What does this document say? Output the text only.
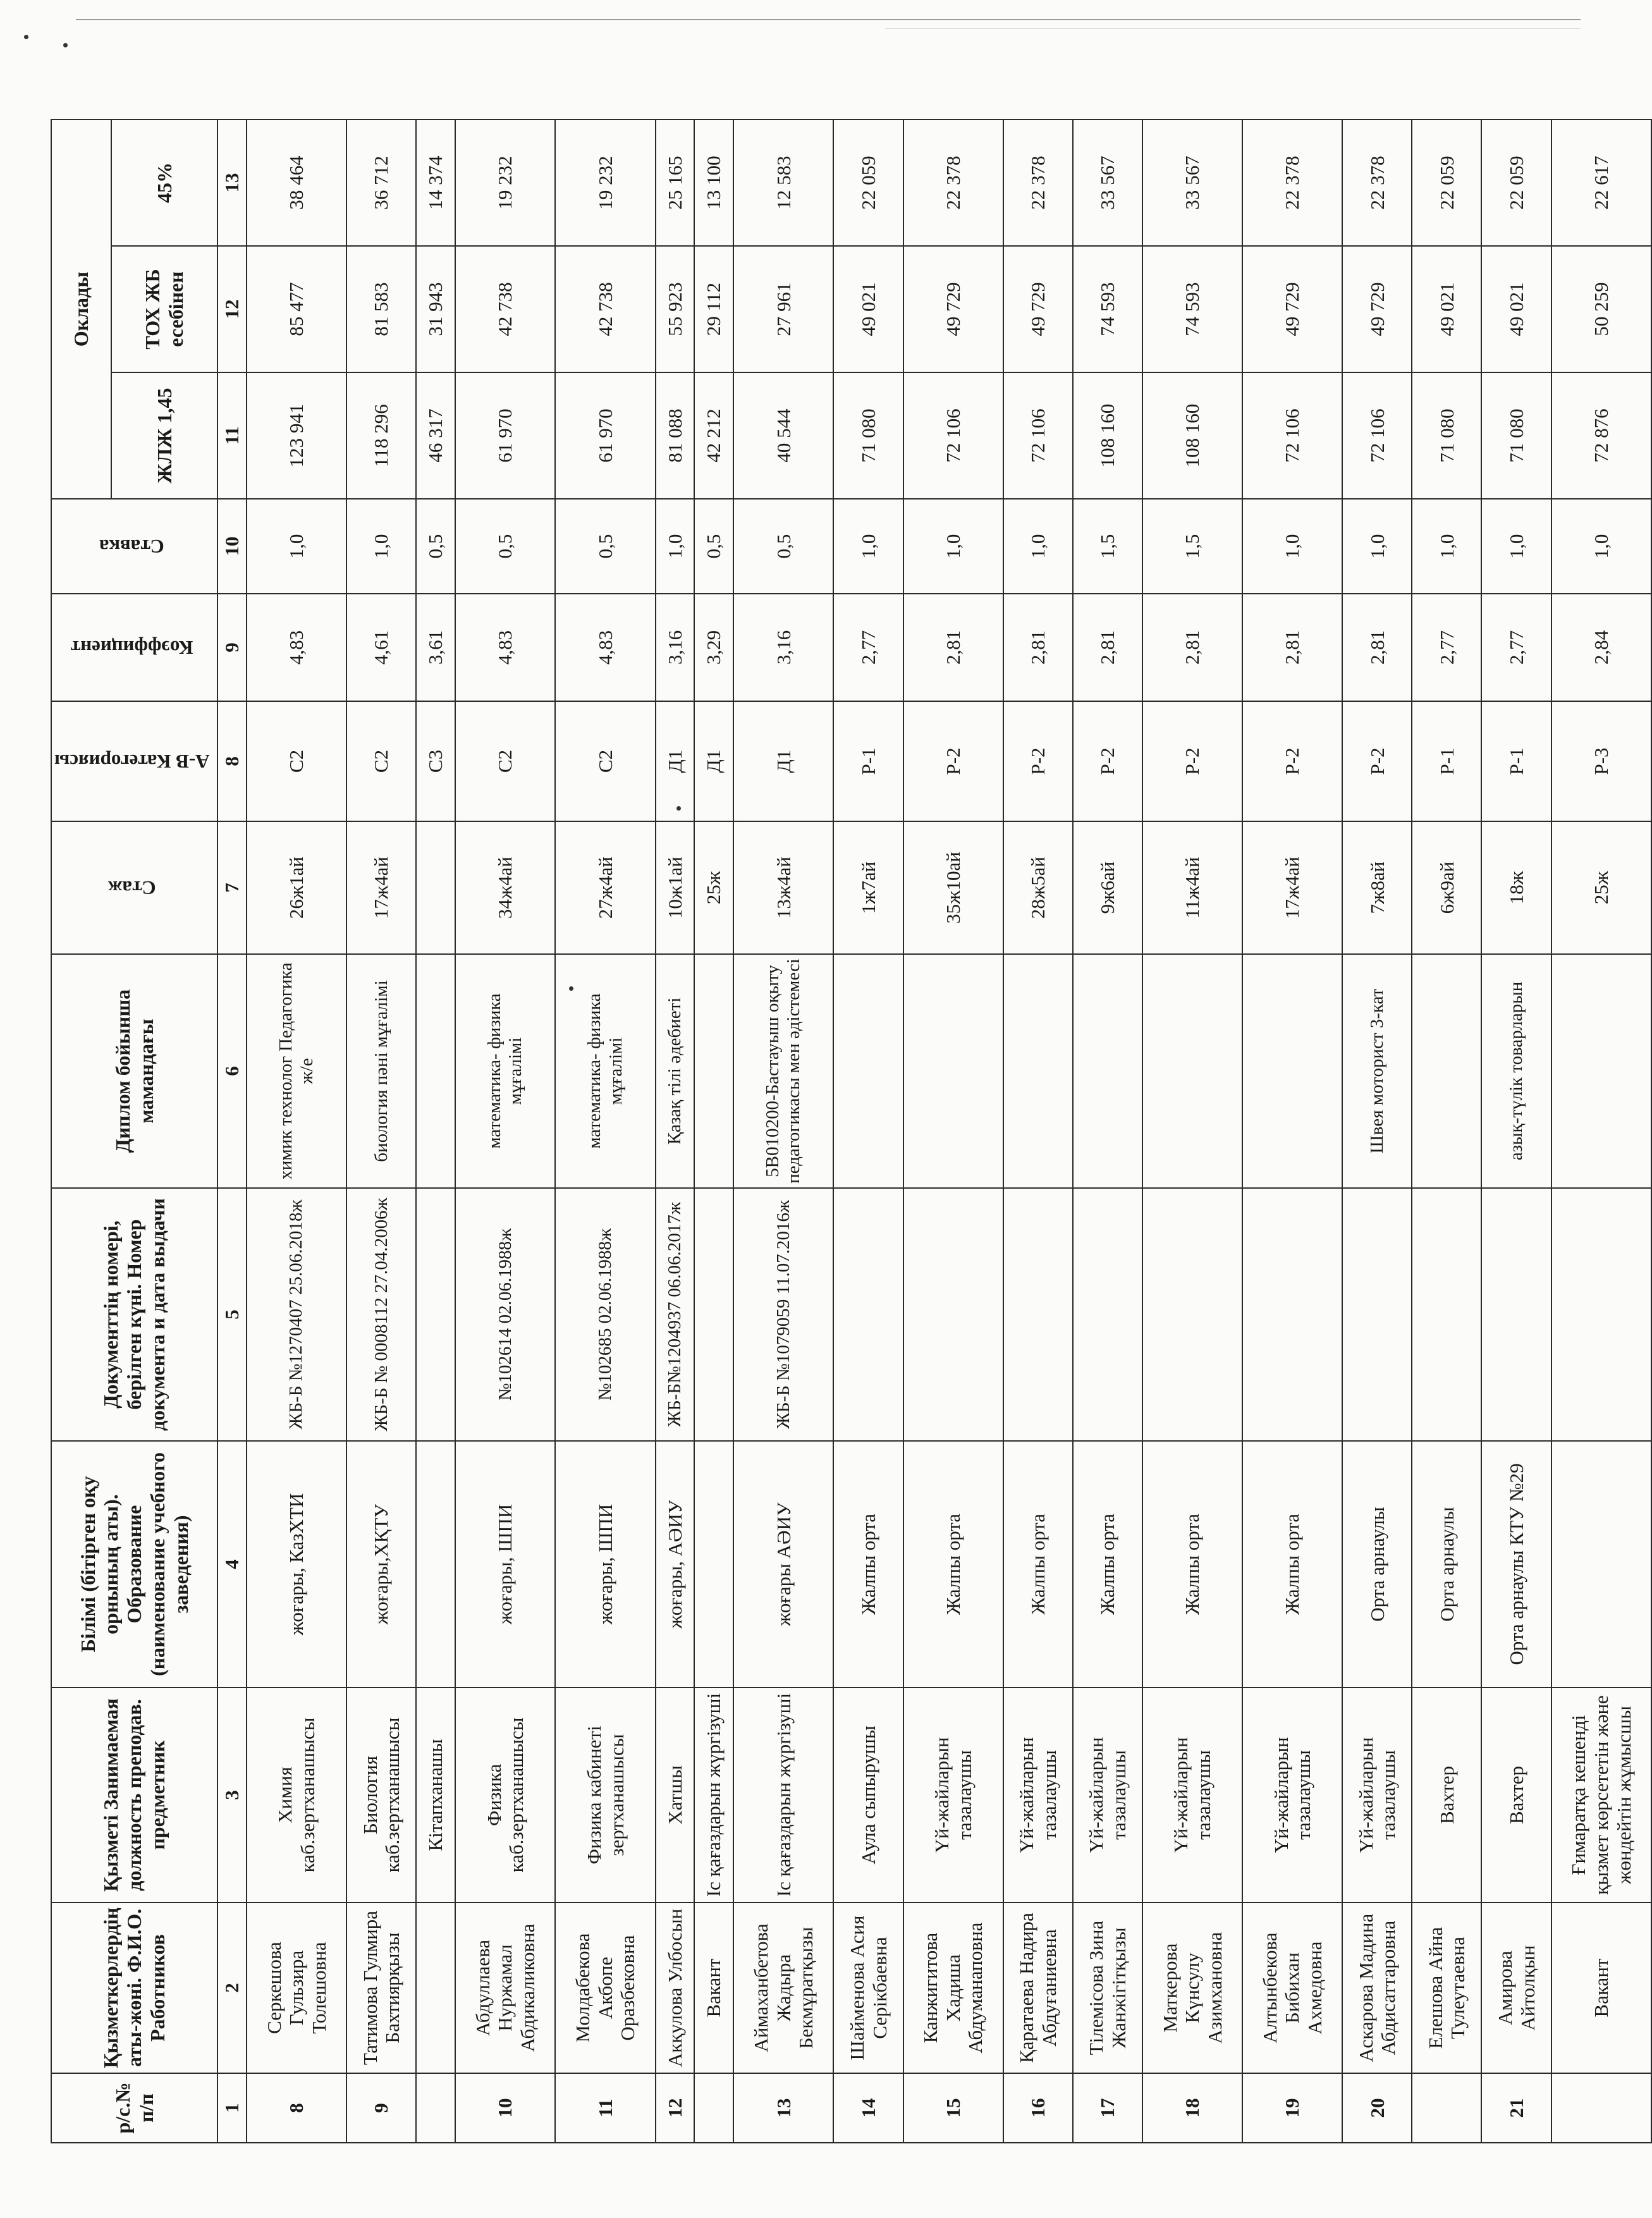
р/с.№ п/п	Қызметкерлердің аты-жөні. Ф.И.О. Работников	Қызметі Занимаемая должность преподав. предметник	Білімі (бітірген оқу орнының аты). Образование (наименование учебного заведения)	Документтің номері, берілген күні. Номер документа и дата выдачи	Диплом бойынша мамандағы	Стаж	А-В Категориясы	Коэффициент	Ставка	Оклады		
										ЖЛЖ 1,45	ТОХ ЖБ есебінен	45%
1	2	3	4	5	6	7	8	9	10	11	12	13
8	Серкешова Гульзира Толешовна	Химия каб.зертханашысы	жоғары, КазХТИ	ЖБ-Б №1270407 25.06.2018ж	химик технолог Педагогика ж/е	26ж1ай	С2	4,83	1,0	123 941	85 477	38 464
9	Татимова Гулмира Бахтиярқызы	Биология каб.зертханашысы	жоғары,ХҚТУ	ЖБ-Б № 0008112 27.04.2006ж	биология пәні мұғалімі	17ж4ай	С2	4,61	1,0	118 296	81 583	36 712
		Кітапханашы					С3	3,61	0,5	46 317	31 943	14 374
10	Абдуллаева Нуржамал Абдикаликовна	Физика каб.зертханашысы	жоғары, ШПИ	№102614 02.06.1988ж	математика- физика мұғалімі	34ж4ай	С2	4,83	0,5	61 970	42 738	19 232
11	Молдабекова Акбопе Оразбековна	Физика кабинеті зертханашысы	жоғары, ШПИ	№102685 02.06.1988ж	математика- физика мұғалімі	27ж4ай	С2	4,83	0,5	61 970	42 738	19 232
12	Акқулова Улбосын	Хатшы	жоғары, АӘИУ	ЖБ-Б№1204937 06.06.2017ж	Қазақ тілі әдебиеті	10ж1ай	Д1	3,16	1,0	81 088	55 923	25 165
	Вакант	Іс қағаздарын жүргізуші				25ж	Д1	3,29	0,5	42 212	29 112	13 100
13	Аймаханбетова Жадыра Бекмұратқызы	Іс қағаздарын жүргізуші	жоғары АӘИУ	ЖБ-Б №1079059 11.07.2016ж	5В010200-Бастауыш оқыту педагогикасы мен әдістемесі	13ж4ай	Д1	3,16	0,5	40 544	27 961	12 583
14	Шайменова Асия Серікбаевна	Аула сыпырушы	Жалпы орта			1ж7ай	Р-1	2,77	1,0	71 080	49 021	22 059
15	Канжигитова Хадиша Абдуманаповна	Үй-жайларын тазалаушы	Жалпы орта			35ж10ай	Р-2	2,81	1,0	72 106	49 729	22 378
16	Қаратаева Надира Абдуғаниевна	Үй-жайларын тазалаушы	Жалпы орта			28ж5ай	Р-2	2,81	1,0	72 106	49 729	22 378
17	Тілемісова Зина Жанжігітқызы	Үй-жайларын тазалаушы	Жалпы орта			9ж6ай	Р-2	2,81	1,5	108 160	74 593	33 567
18	Маткерова Күнсулу Азимхановна	Үй-жайларын тазалаушы	Жалпы орта			11ж4ай	Р-2	2,81	1,5	108 160	74 593	33 567
19	Алтынбекова Бибихан Ахмедовна	Үй-жайларын тазалаушы	Жалпы орта			17ж4ай	Р-2	2,81	1,0	72 106	49 729	22 378
20	Аскарова Мадина Абдисаттаровна	Үй-жайларын тазалаушы	Орта арнаулы		Швея моторист 3-кат	7ж8ай	Р-2	2,81	1,0	72 106	49 729	22 378
	Елешова Айна Тулеутаевна	Вахтер	Орта арнаулы			6ж9ай	Р-1	2,77	1,0	71 080	49 021	22 059
21	Амирова Айтолқын	Вахтер	Орта арнаулы КТУ №29		азық-түлік товарларын	18ж	Р-1	2,77	1,0	71 080	49 021	22 059
	Вакант	Ғимаратқа кешенді қызмет көрсететін және жөндейтін жұмысшы				25ж	Р-3	2,84	1,0	72 876	50 259	22 617
